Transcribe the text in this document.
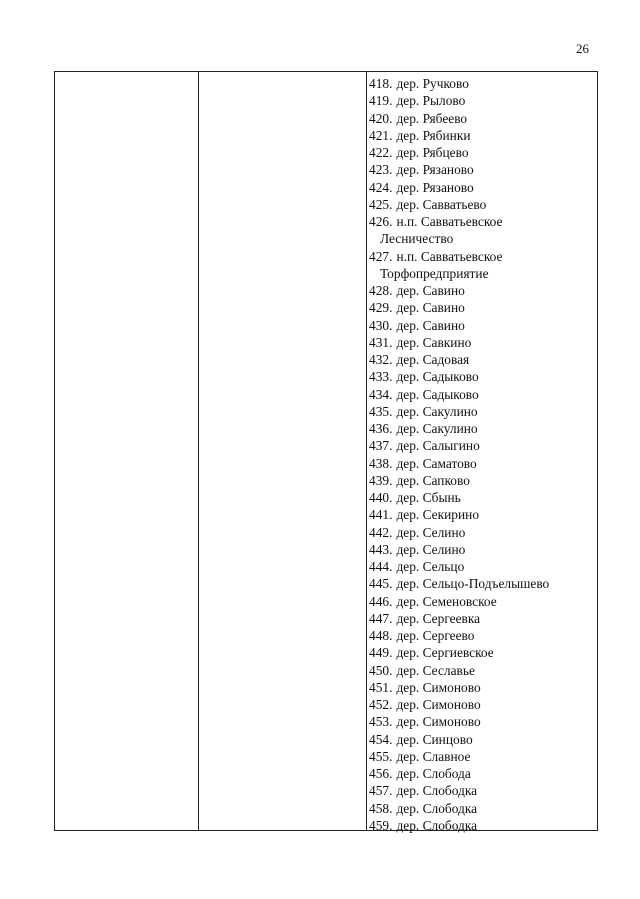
26
418. дер. Ручково
419. дер. Рылово
420. дер. Рябеево
421. дер. Рябинки
422. дер. Рябцево
423. дер. Рязаново
424. дер. Рязаново
425. дер. Савватьево
426. н.п. Савватьевское
Лесничество
427. н.п. Савватьевское
Торфопредприятие
428. дер. Савино
429. дер. Савино
430. дер. Савино
431. дер. Савкино
432. дер. Садовая
433. дер. Садыково
434. дер. Садыково
435. дер. Сакулино
436. дер. Сакулино
437. дер. Салыгино
438. дер. Саматово
439. дер. Сапково
440. дер. Сбынь
441. дер. Секирино
442. дер. Селино
443. дер. Селино
444. дер. Сельцо
445. дер. Сельцо-Подъелышево
446. дер. Семеновское
447. дер. Сергеевка
448. дер. Сергеево
449. дер. Сергиевское
450. дер. Сеславье
451. дер. Симоново
452. дер. Симоново
453. дер. Симоново
454. дер. Синцово
455. дер. Славное
456. дер. Слобода
457. дер. Слободка
458. дер. Слободка
459. дер. Слободка
